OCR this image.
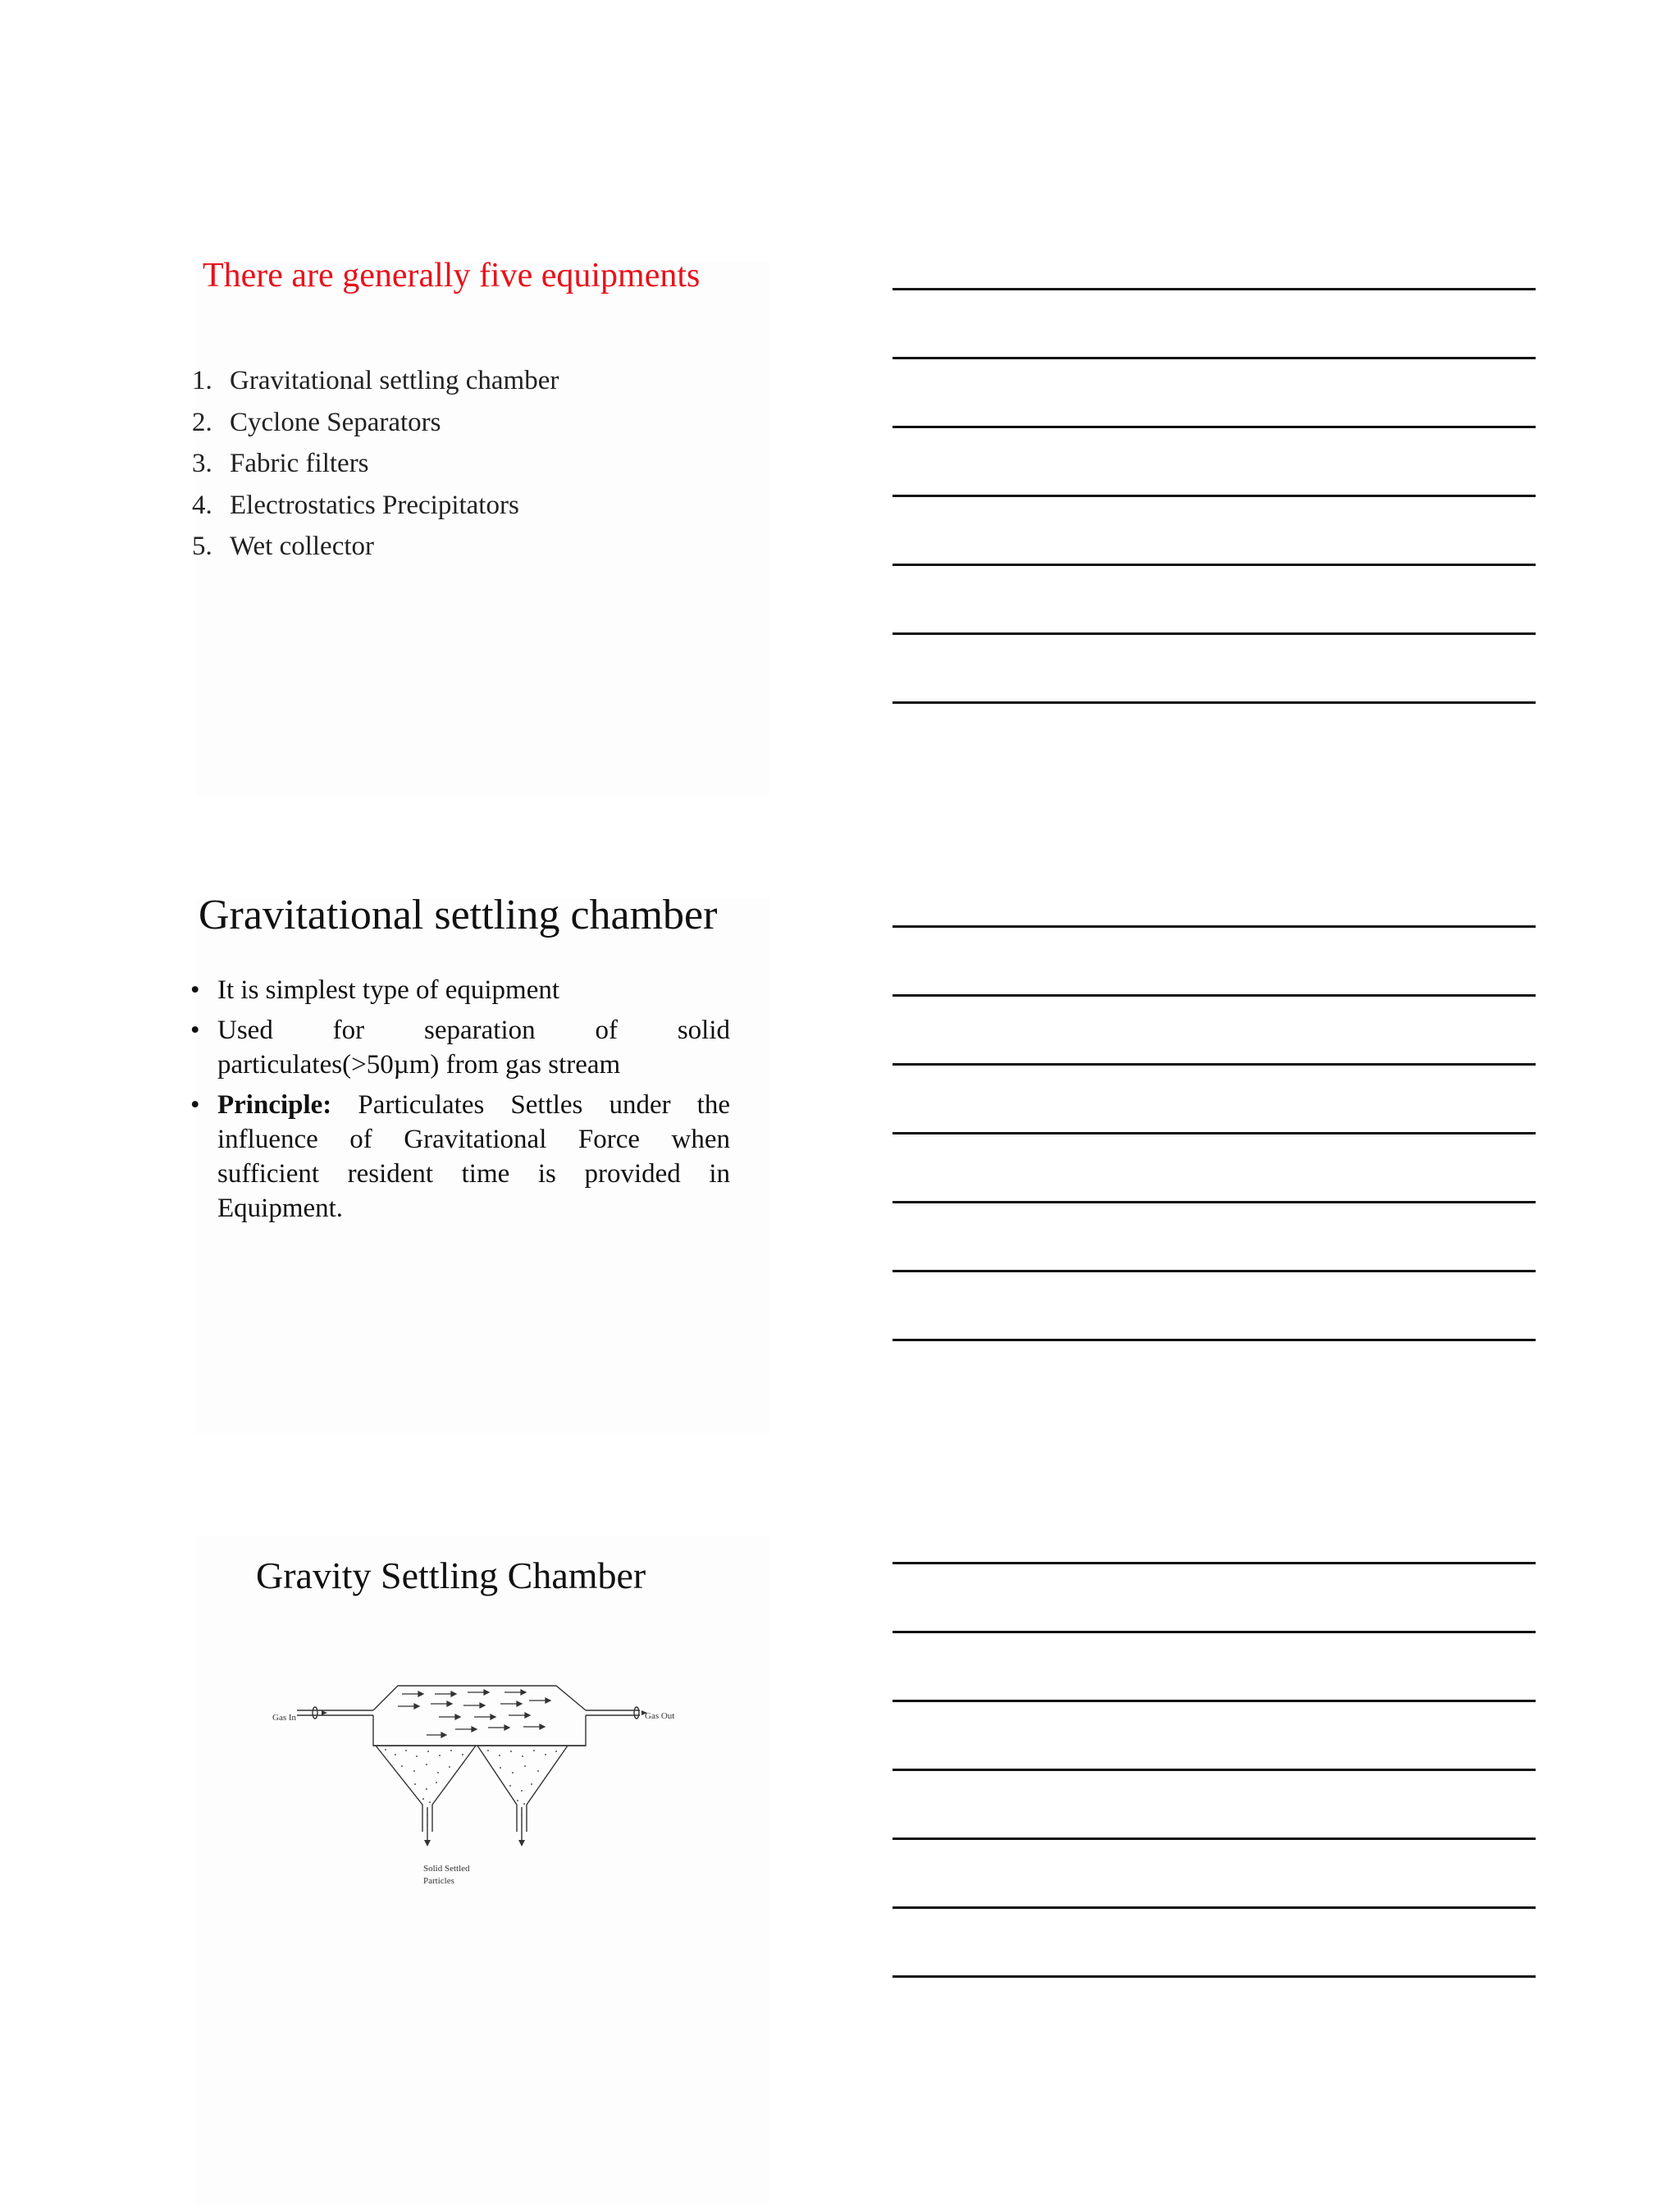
There are generally five equipments
1. Gravitational settling chamber
2. Cyclone Separators
3. Fabric filters
4. Electrostatics Precipitators
5. Wet collector
Gravitational settling chamber
• It is simplest type of equipment
• Used for separation of solid particulates(>50µm) from gas stream
• Principle: Particulates Settles under the influence of Gravitational Force when sufficient resident time is provided in Equipment.
Gravity Settling Chamber
Gas In	Gas Out
Solid Settled
Particles
